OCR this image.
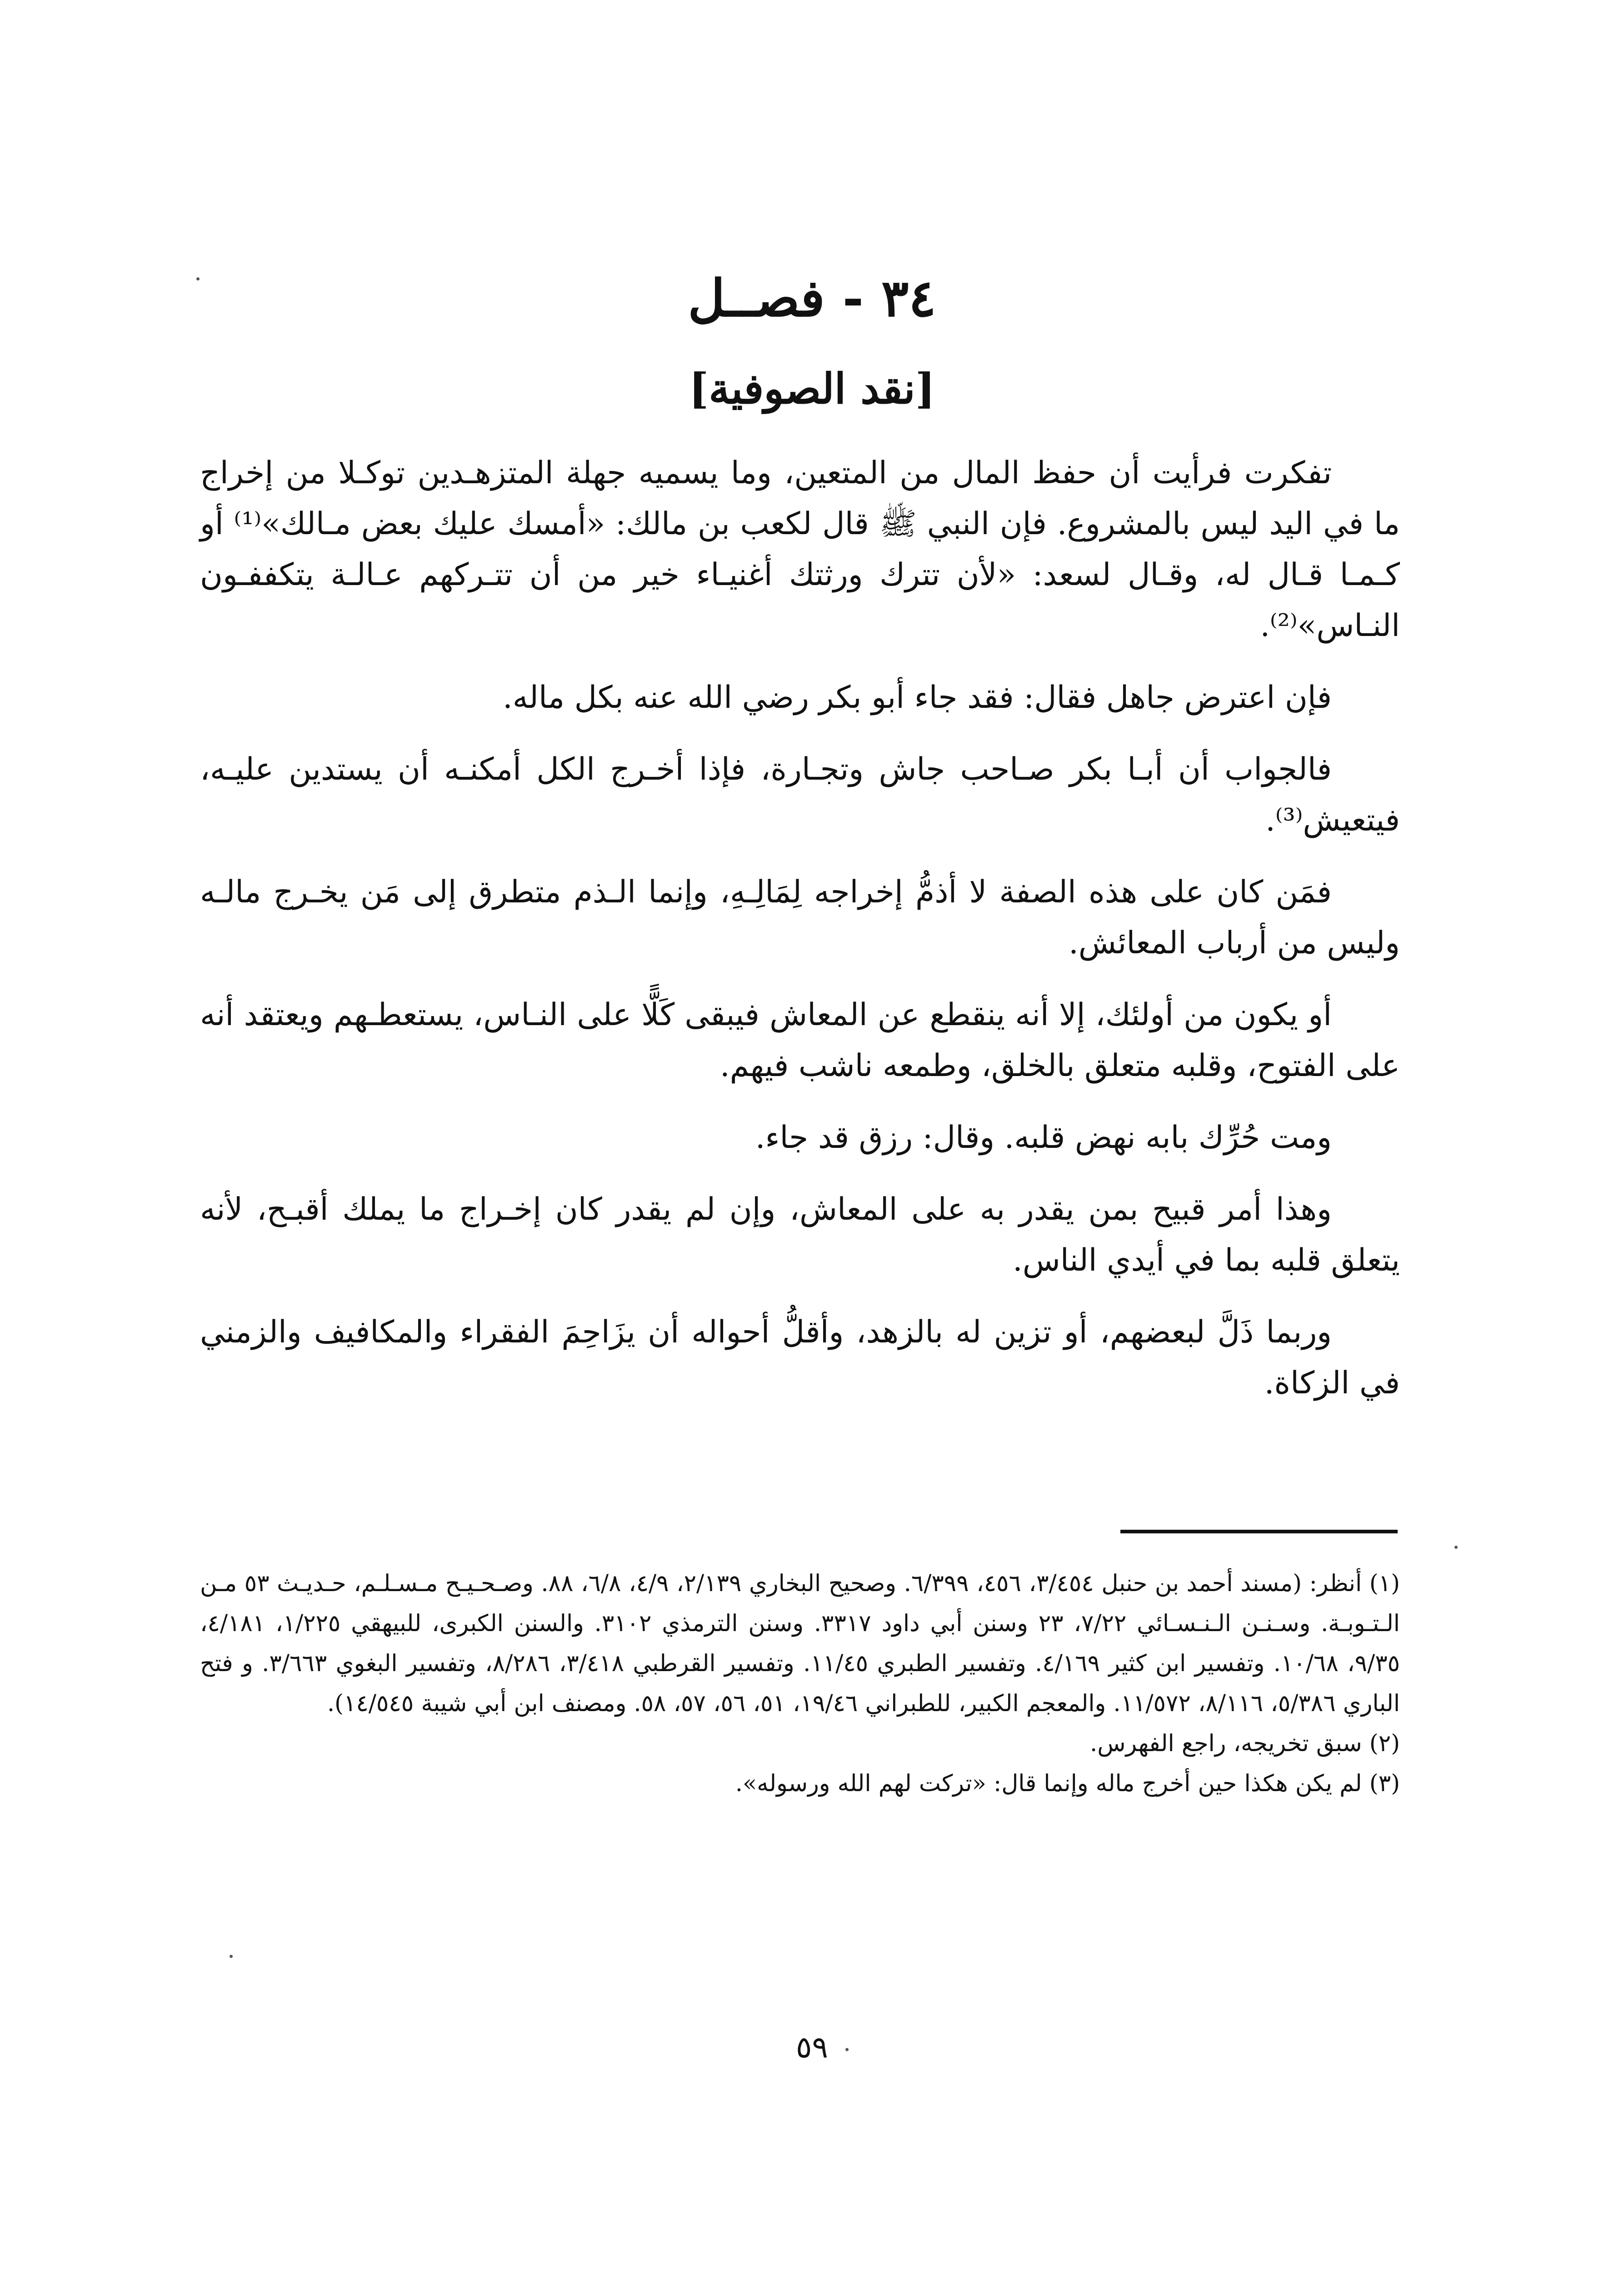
٣٤ - فصــل
[نقد الصوفية]

تفكرت فرأيت أن حفظ المال من المتعين، وما يسميه جهلة المتزهـدين توكـلا من إخراج ما في اليد ليس بالمشروع. فإن النبي ﷺ قال لكعب بن مالك: «أمسك عليك بعض مـالك»⁽¹⁾ أو كـمـا قـال له، وقـال لسعد: «لأن تترك ورثتك أغنيـاء خير من أن تتـركهم عـالـة يتكففـون النـاس»⁽²⁾.

فإن اعترض جاهل فقال: فقد جاء أبو بكر رضي الله عنه بكل ماله.

فالجواب أن أبـا بكر صـاحب جاش وتجـارة، فإذا أخـرج الكل أمكنـه أن يستدين عليـه، فيتعيش⁽³⁾.

فمَن كان على هذه الصفة لا أذمُّ إخراجه لِمَالِـهِ، وإنما الـذم متطرق إلى مَن يخـرج مالـه وليس من أرباب المعائش.

أو يكون من أولئك، إلا أنه ينقطع عن المعاش فيبقى كَلًّا على النـاس، يستعطـهم ويعتقد أنه على الفتوح، وقلبه متعلق بالخلق، وطمعه ناشب فيهم.

ومت حُرِّك بابه نهض قلبه. وقال: رزق قد جاء.

وهذا أمر قبيح بمن يقدر به على المعاش، وإن لم يقدر كان إخـراج ما يملك أقبـح، لأنه يتعلق قلبه بما في أيدي الناس.

وربما ذَلَّ لبعضهم، أو تزين له بالزهد، وأقلُّ أحواله أن يزَاحِمَ الفقراء والمكافيف والزمني في الزكاة.

(١) أنظر: (مسند أحمد بن حنبل ٣/٤٥٤، ٤٥٦، ٦/٣٩٩. وصحيح البخاري ٢/١٣٩، ٤/٩، ٦/٨، ٨٨. وصـحـيـح مـسـلـم، حـديـث ٥٣ مـن الـتـوبـة. وسـنـن الـنـسـائي ٧/٢٢، ٢٣ وسنن أبي داود ٣٣١٧. وسنن الترمذي ٣١٠٢. والسنن الكبرى، للبيهقي ١/٢٢٥، ٤/١٨١، ٩/٣٥، ١٠/٦٨. وتفسير ابن كثير ٤/١٦٩. وتفسير الطبري ١١/٤٥. وتفسير القرطبي ٣/٤١٨، ٨/٢٨٦، وتفسير البغوي ٣/٦٦٣. و فتح الباري ٥/٣٨٦، ٨/١١٦، ١١/٥٧٢. والمعجم الكبير، للطبراني ١٩/٤٦، ٥١، ٥٦، ٥٧، ٥٨. ومصنف ابن أبي شيبة ١٤/٥٤٥).

(٢) سبق تخريجه، راجع الفهرس.

(٣) لم يكن هكذا حين أخرج ماله وإنما قال: «تركت لهم الله ورسوله».

٥٩
